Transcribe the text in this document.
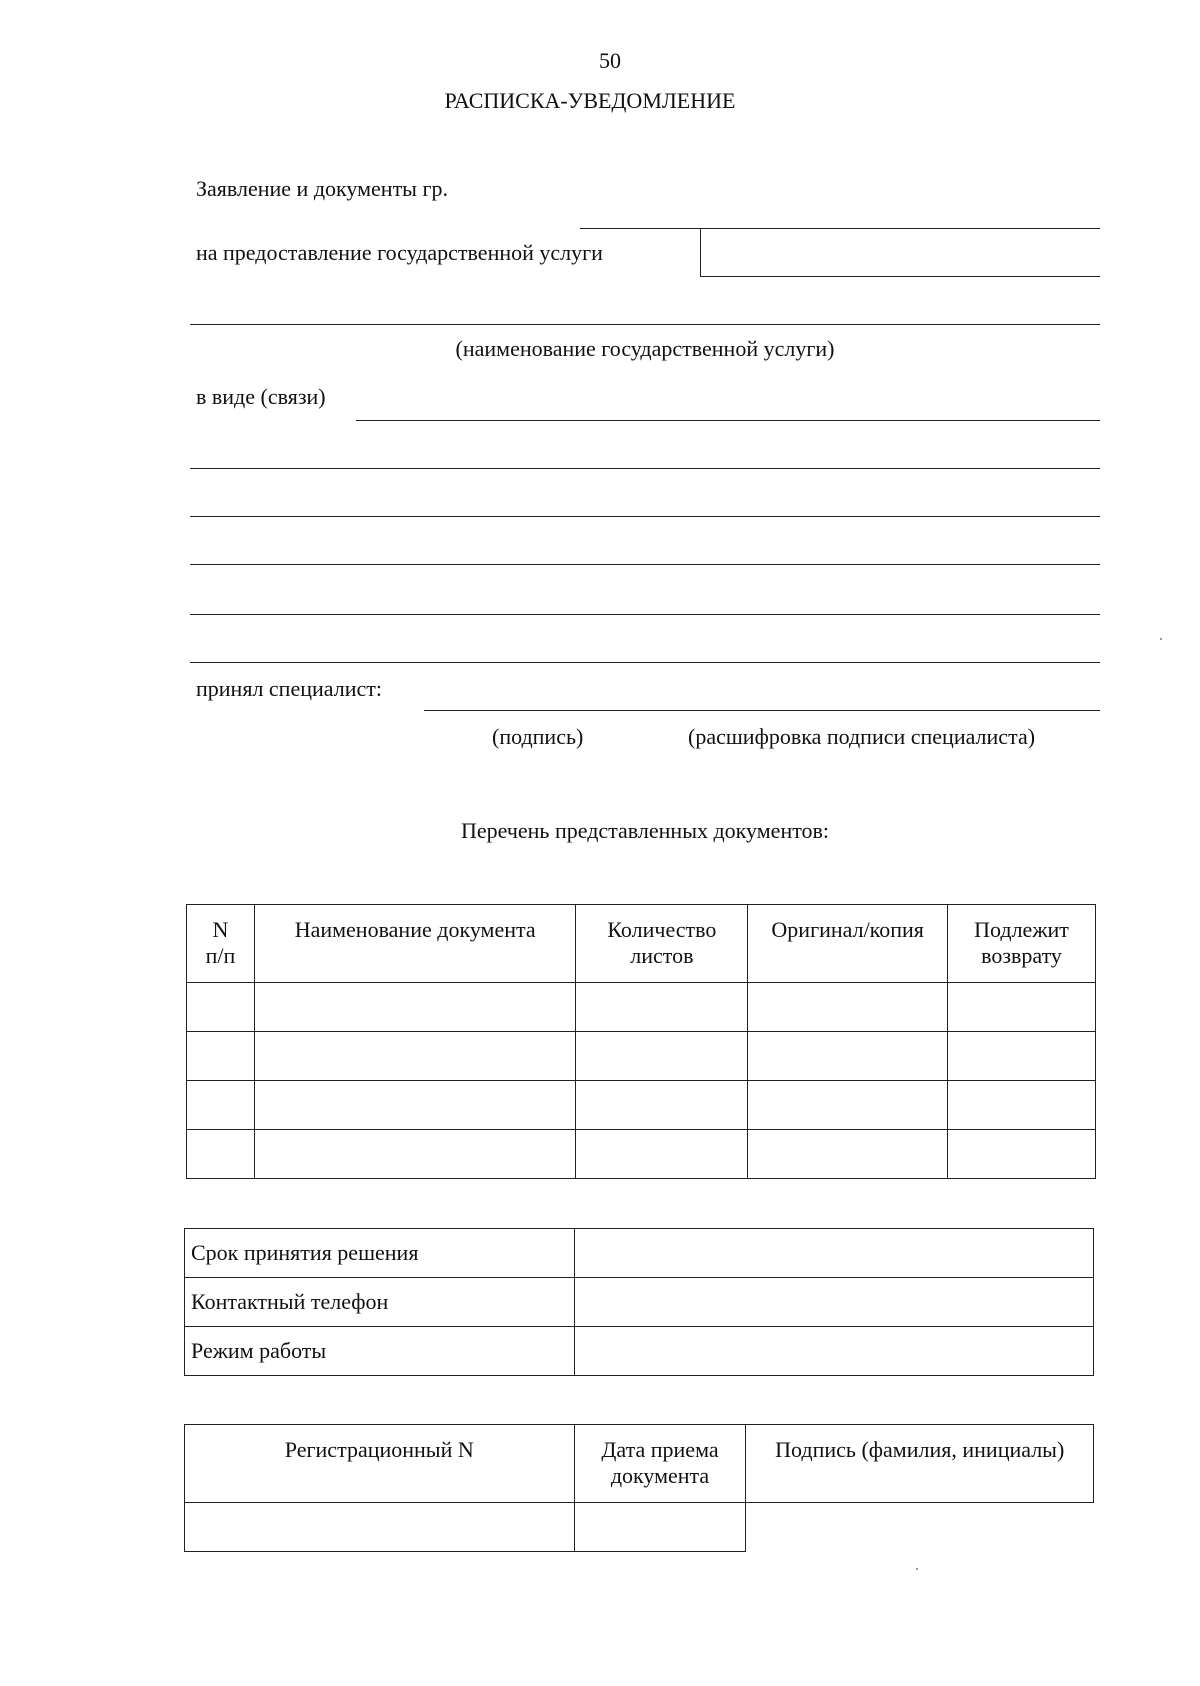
50
РАСПИСКА-УВЕДОМЛЕНИЕ
Заявление и документы гр.
на предоставление государственной услуги
(наименование государственной услуги)
в виде (связи)
принял специалист:
(подпись)	(расшифровка подписи специалиста)
Перечень представленных документов:
N п/п	Наименование документа	Количество листов	Оригинал/копия	Подлежит возврату

Срок принятия решения	
Контактный телефон	
Режим работы	
Регистрационный N	Дата приема документа	Подпись (фамилия, инициалы)
